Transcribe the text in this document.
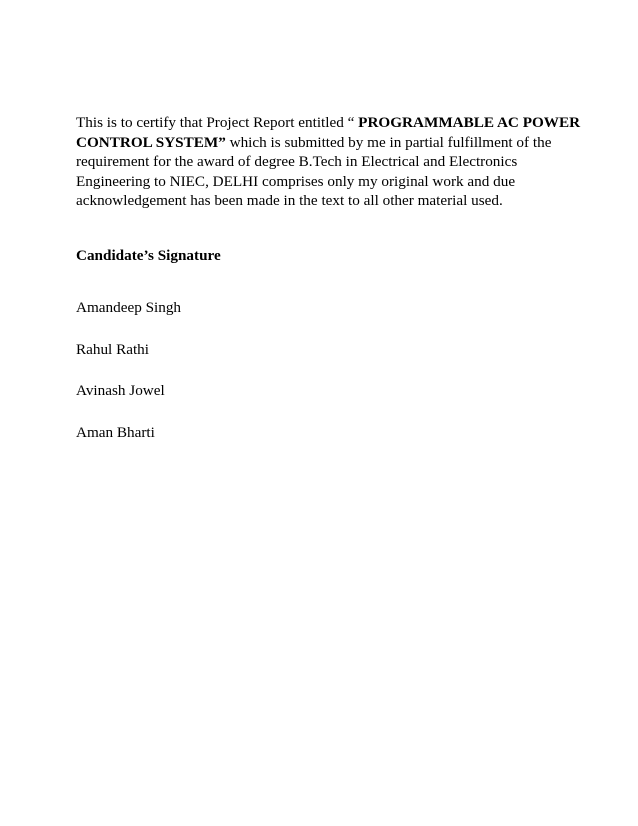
This is to certify that Project Report entitled “ PROGRAMMABLE AC POWER
CONTROL SYSTEM” which is submitted by me in partial fulfillment of the
requirement for the award of degree B.Tech in Electrical and Electronics
Engineering to NIEC, DELHI comprises only my original work and due
acknowledgement has been made in the text to all other material used.

Candidate’s Signature

Amandeep Singh
Rahul Rathi
Avinash Jowel
Aman Bharti
